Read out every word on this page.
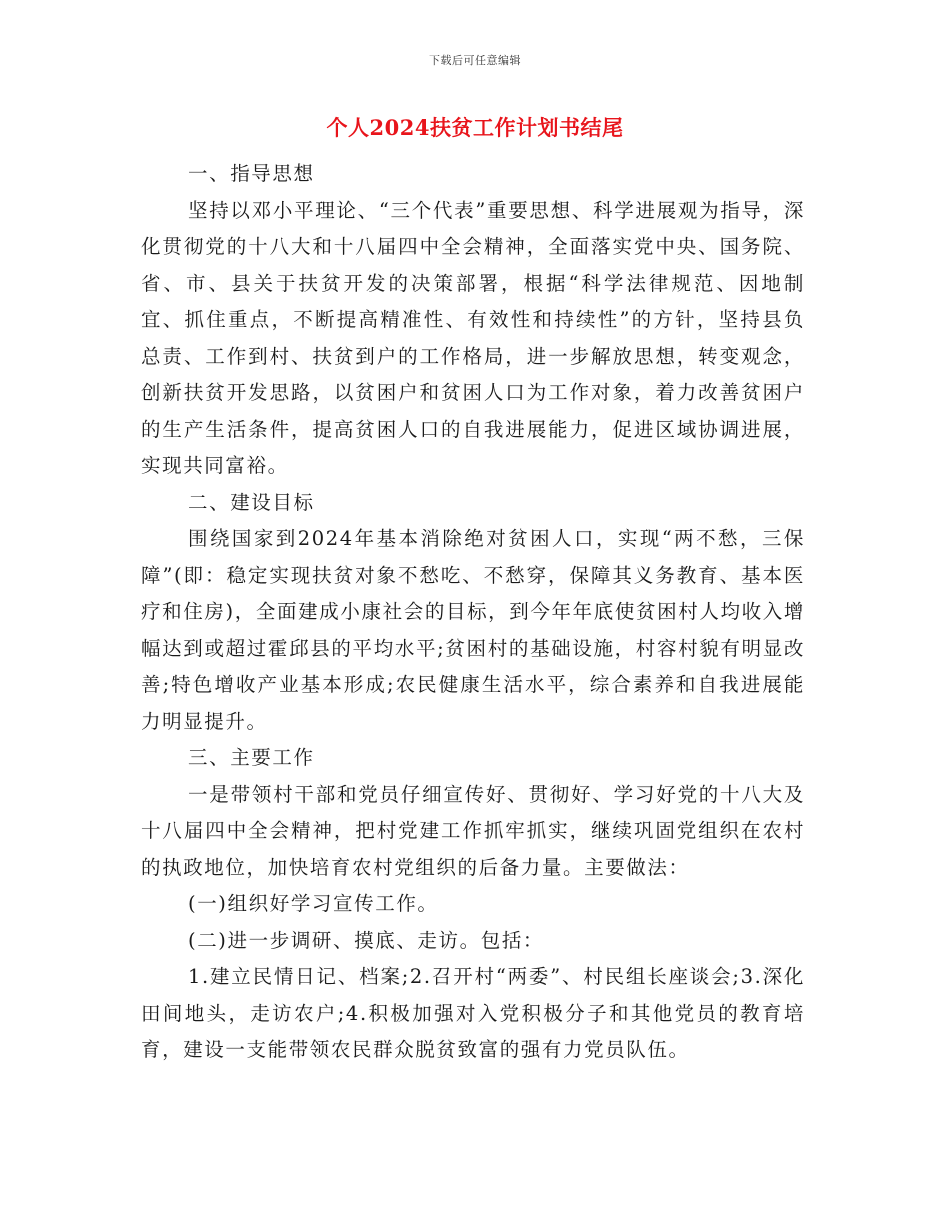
下载后可任意编辑
个人2024扶贫工作计划书结尾

一、指导思想

坚持以邓小平理论、“三个代表”重要思想、科学进展观为指导，深化贯彻党的十八大和十八届四中全会精神，全面落实党中央、国务院、省、市、县关于扶贫开发的决策部署，根据“科学法律规范、因地制宜、抓住重点，不断提高精准性、有效性和持续性”的方针，坚持县负总责、工作到村、扶贫到户的工作格局，进一步解放思想，转变观念，创新扶贫开发思路，以贫困户和贫困人口为工作对象，着力改善贫困户的生产生活条件，提高贫困人口的自我进展能力，促进区域协调进展，实现共同富裕。

二、建设目标

围绕国家到2024年基本消除绝对贫困人口，实现“两不愁，三保障”(即：稳定实现扶贫对象不愁吃、不愁穿，保障其义务教育、基本医疗和住房)，全面建成小康社会的目标，到今年年底使贫困村人均收入增幅达到或超过霍邱县的平均水平;贫困村的基础设施，村容村貌有明显改善;特色增收产业基本形成;农民健康生活水平，综合素养和自我进展能力明显提升。

三、主要工作

一是带领村干部和党员仔细宣传好、贯彻好、学习好党的十八大及十八届四中全会精神，把村党建工作抓牢抓实，继续巩固党组织在农村的执政地位，加快培育农村党组织的后备力量。主要做法：

(一)组织好学习宣传工作。

(二)进一步调研、摸底、走访。包括：

1.建立民情日记、档案;2.召开村“两委”、村民组长座谈会;3.深化田间地头，走访农户;4.积极加强对入党积极分子和其他党员的教育培育，建设一支能带领农民群众脱贫致富的强有力党员队伍。
